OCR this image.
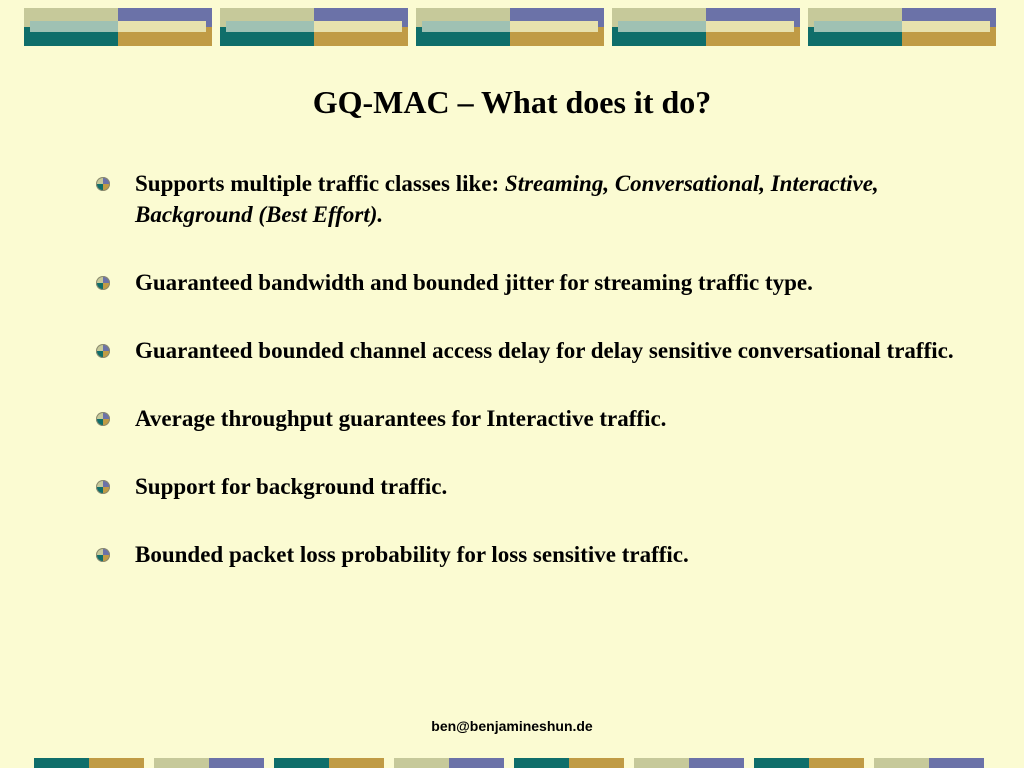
GQ-MAC – What does it do?
Supports multiple traffic classes like: Streaming, Conversational, Interactive, Background (Best Effort).
Guaranteed bandwidth and bounded jitter for streaming traffic type.
Guaranteed bounded channel access delay for delay sensitive conversational traffic.
Average throughput guarantees for Interactive traffic.
Support for background traffic.
Bounded packet loss probability for loss sensitive traffic.
ben@benjamineshun.de
